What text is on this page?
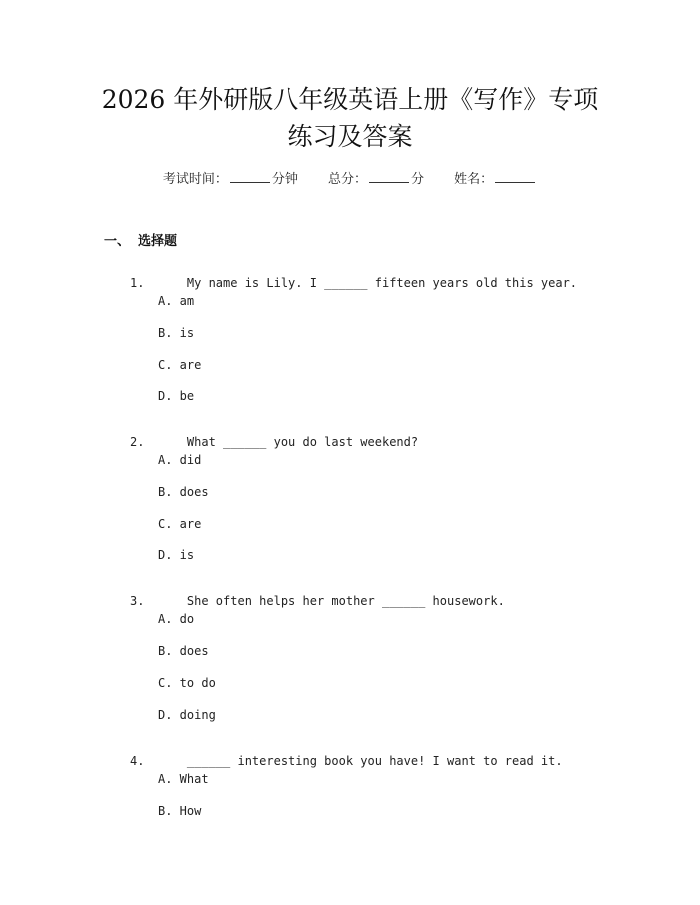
2026 年外研版八年级英语上册《写作》专项
练习及答案
考试时间：	分钟 总分：	分 姓名：
一、 选择题

1.	My name is Lily. I ______ fifteen years old this year.

A. am
B. is
C. are
D. be

2.	What ______ you do last weekend?

A. did
B. does
C. are
D. is

3.	She often helps her mother ______ housework.

A. do
B. does
C. to do
D. doing

4.	______ interesting book you have! I want to read it.

A. What
B. How
